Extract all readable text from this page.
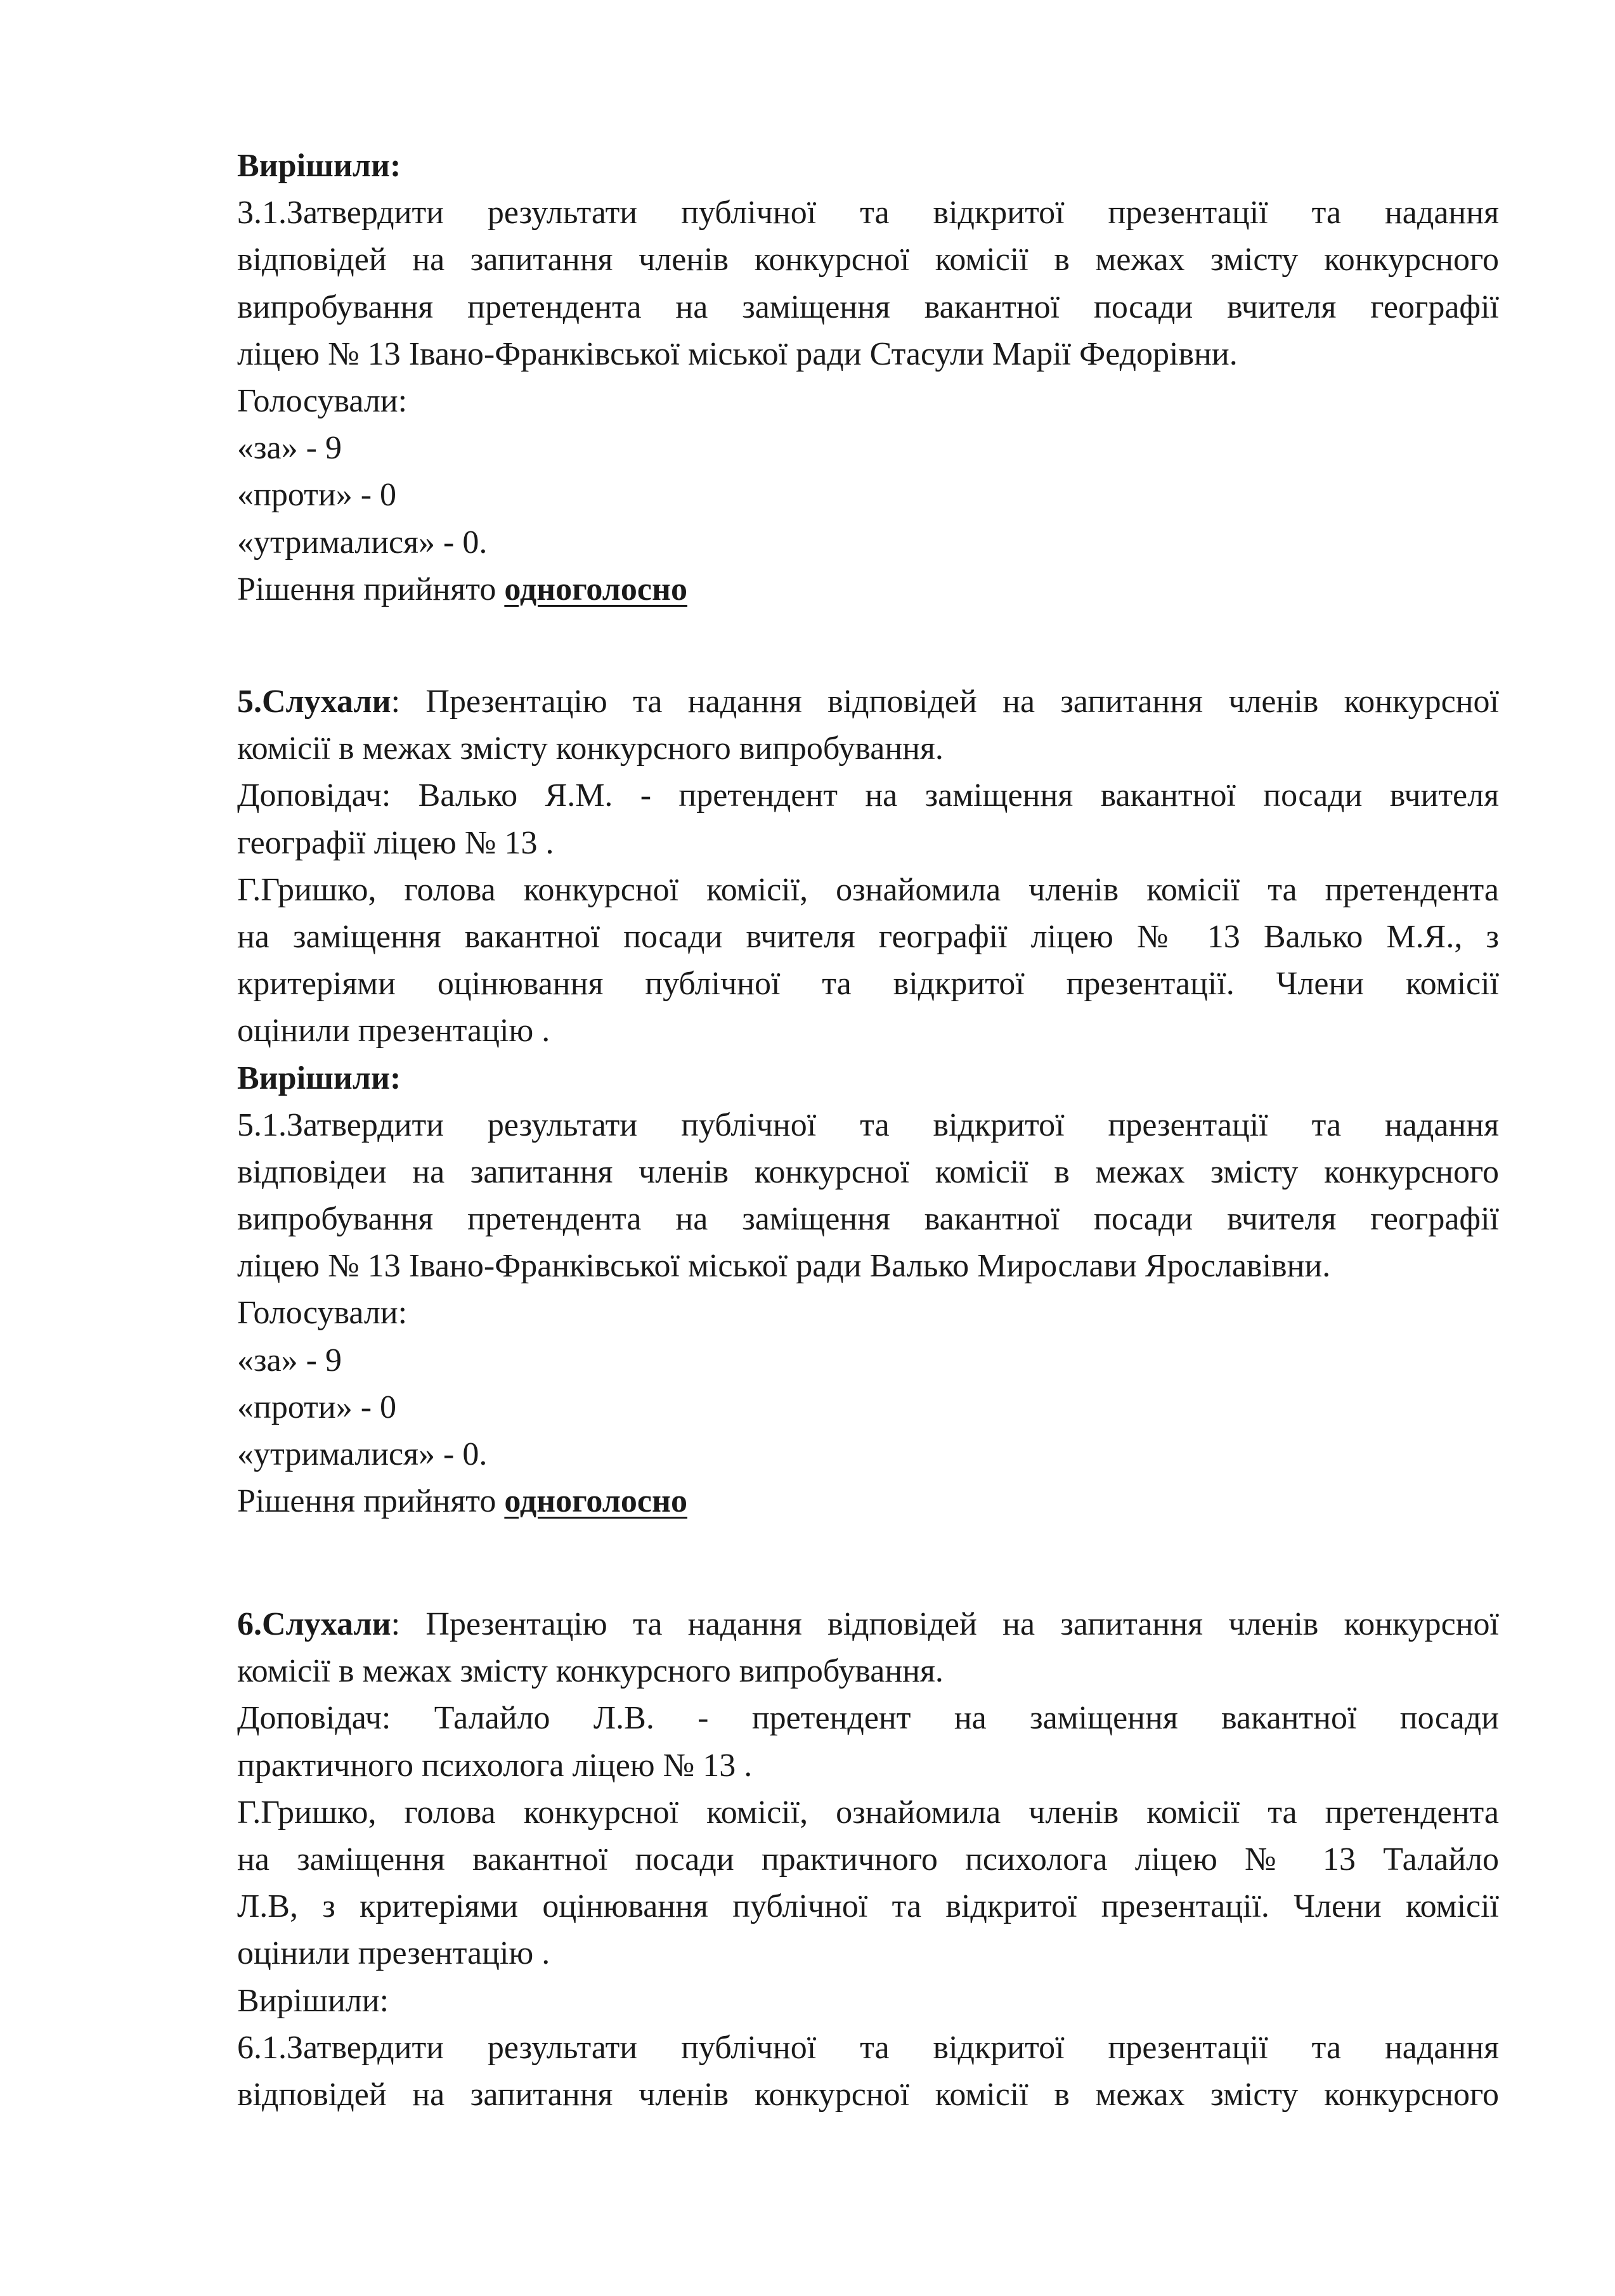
Вирішили:
3.1.Затвердити результати публічної та відкритої презентації та надання
відповідей на запитання членів конкурсної комісії в межах змісту конкурсного
випробування претендента на заміщення вакантної посади вчителя географії
ліцею № 13 Івано-Франківської міської ради Стасули Марії Федорівни.
Голосували:
«за» - 9
«проти» - 0
«утрималися» - 0.
Рішення прийнято одноголосно
5.Слухали: Презентацію та надання відповідей на запитання членів конкурсної
комісії в межах змісту конкурсного випробування.
Доповідач: Валько Я.М. - претендент на заміщення вакантної посади вчителя
географії ліцею № 13 .
Г.Гришко, голова конкурсної комісії, ознайомила членів комісії та претендента
на заміщення вакантної посади вчителя географії ліцею № 13 Валько М.Я., з
критеріями оцінювання публічної та відкритої презентації. Члени комісії
оцінили презентацію .
Вирішили:
5.1.Затвердити результати публічної та відкритої презентації та надання
відповідеи на запитання членів конкурсної комісії в межах змісту конкурсного
випробування претендента на заміщення вакантної посади вчителя географії
ліцею № 13 Івано-Франківської міської ради Валько Мирослави Ярославівни.
Голосували:
«за» - 9
«проти» - 0
«утрималися» - 0.
Рішення прийнято одноголосно
6.Слухали: Презентацію та надання відповідей на запитання членів конкурсної
комісії в межах змісту конкурсного випробування.
Доповідач: Талайло Л.В. - претендент на заміщення вакантної посади
практичного психолога ліцею № 13 .
Г.Гришко, голова конкурсної комісії, ознайомила членів комісії та претендента
на заміщення вакантної посади практичного психолога ліцею № 13 Талайло
Л.В, з критеріями оцінювання публічної та відкритої презентації. Члени комісії
оцінили презентацію .
Вирішили:
6.1.Затвердити результати публічної та відкритої презентації та надання
відповідей на запитання членів конкурсної комісії в межах змісту конкурсного
